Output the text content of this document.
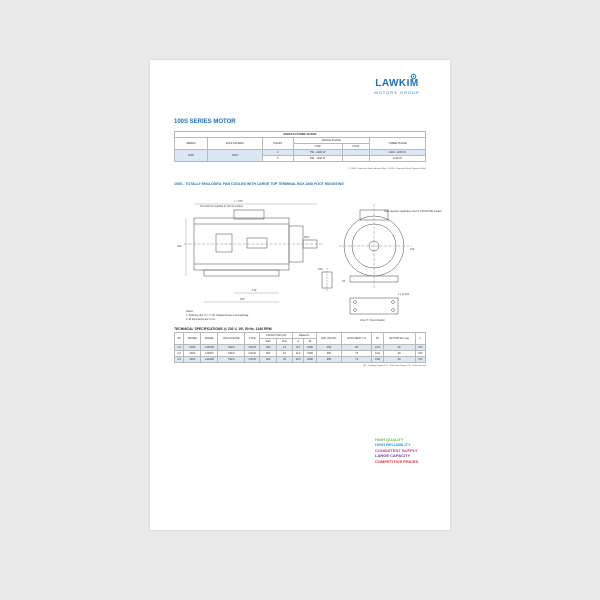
LAWKIM
MOTORS GROUP
100S SERIES MOTOR
MANUFACTURING RANGE					
SERIES	ENCLOSURES	POLES	SINGLE PHASE		THREE PHASE
			CSIR	CSCR	
100S	TEFC	4	750 - 2200 W		1100 - 2200 W
		6	550 - 1100 W		1100 W
(CSIR - Capacitor Start Induction Run / CSCR - Capacitor Start Capacitor Run)
100S - TOTALLY ENCLOSED, FAN COOLED WITH LARGE TOP TERMINAL BOX AND FOOT MOUNTING
L = 373
233
140
160
28 j6
Terminal box supplied for 4th via conduit
Start capacitor applicable only for CSCR/CSIR models
4 x 12 DIA
View 'X' (Foot details)
160
63
100
Notes:
1. Shaft key dim. 8 x 7 x 40. Supplied loose in terminal bag.
2. All dimensions are in mm
TECHNICAL SPECIFICATIONS @ 230 V, 1Φ, 50 Hz, 1440 RPM
HP	FRAME	MODEL	ENCLOSURE	TYPE	CAPACITOR (µF)		Rated FL		EFF (%)CSC	EFFICIENCY %	PF	MOTOR Wt in kg	L
					Start	Run	A	W					
1.5	100S	L4110B	TEFC	CSCR	200	12	8.6	1500	250	80	0.91	26	373
2.0	100S	L4150C	TEFC	CSCR	250	16	11.6	1960	250	76	0.91	28	373
3.0	100S	L4220B	TEFC	CSCR	300	30	15.6	2600	250	72	0.96	30	373
(ST - Starting Torque, FLT - Full Load Torque, PF - Power Factor)
HIGH QUALITY
HIGH RELIABILITY
CONSISTENT SUPPLY
LARGE CAPACITY
COMPETITIVE PRICES
